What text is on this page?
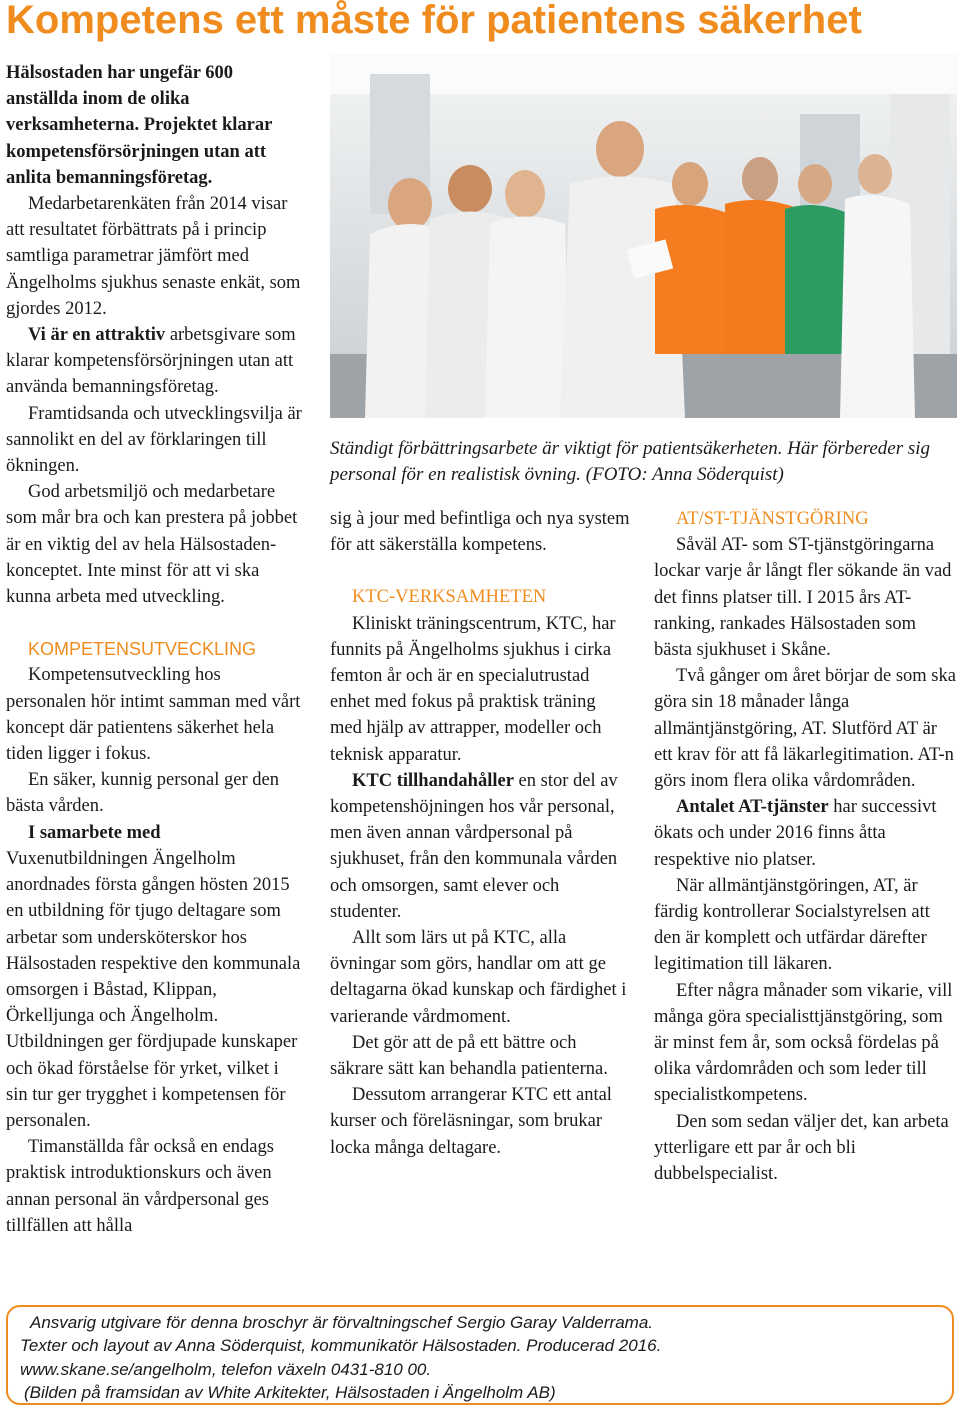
Kompetens ett måste för patientens säkerhet

Hälsostaden har ungefär 600 anställda inom de olika verksamheterna. Projektet klarar kompetensförsörjningen utan att anlita bemanningsföretag.

Medarbetarenkäten från 2014 visar att resultatet förbättrats på i princip samtliga parametrar jämfört med Ängelholms sjukhus senaste enkät, som gjordes 2012.

Vi är en attraktiv arbetsgivare som klarar kompetensförsörjningen utan att använda bemanningsföretag.

Framtidsanda och utvecklingsvilja är sannolikt en del av förklaringen till ökningen.

God arbetsmiljö och medarbetare som mår bra och kan prestera på jobbet är en viktig del av hela Hälsostaden-konceptet. Inte minst för att vi ska kunna arbeta med utveckling.

KOMPETENSUTVECKLING

Kompetensutveckling hos personalen hör intimt samman med vårt koncept där patientens säkerhet hela tiden ligger i fokus.

En säker, kunnig personal ger den bästa vården.

I samarbete med Vuxenutbildningen Ängelholm anordnades första gången hösten 2015 en utbildning för tjugo deltagare som arbetar som undersköterskor hos Hälsostaden respektive den kommunala omsorgen i Båstad, Klippan, Örkelljunga och Ängelholm. Utbildningen ger fördjupade kunskaper och ökad förståelse för yrket, vilket i sin tur ger trygghet i kompetensen för personalen.

Timanställda får också en endags praktisk introduktionskurs och även annan personal än vårdpersonal ges tillfällen att hålla

Ständigt förbättringsarbete är viktigt för patientsäkerheten. Här förbereder sig personal för en realistisk övning. (FOTO: Anna Söderquist)

sig à jour med befintliga och nya system för att säkerställa kompetens.

KTC-VERKSAMHETEN

Kliniskt träningscentrum, KTC, har funnits på Ängelholms sjukhus i cirka femton år och är en specialutrustad enhet med fokus på praktisk träning med hjälp av attrapper, modeller och teknisk apparatur.

KTC tillhandahåller en stor del av kompetenshöjningen hos vår personal, men även annan vårdpersonal på sjukhuset, från den kommunala vården och omsorgen, samt elever och studenter.

Allt som lärs ut på KTC, alla övningar som görs, handlar om att ge deltagarna ökad kunskap och färdighet i varierande vårdmoment.

Det gör att de på ett bättre och säkrare sätt kan behandla patienterna.

Dessutom arrangerar KTC ett antal kurser och föreläsningar, som brukar locka många deltagare.

AT/ST-TJÄNSTGÖRING

Såväl AT- som ST-tjänstgöringarna lockar varje år långt fler sökande än vad det finns platser till. I 2015 års AT-ranking, rankades Hälsostaden som bästa sjukhuset i Skåne.

Två gånger om året börjar de som ska göra sin 18 månader långa allmäntjänstgöring, AT. Slutförd AT är ett krav för att få läkarlegitimation. AT-n görs inom flera olika vårdområden.

Antalet AT-tjänster har successivt ökats och under 2016 finns åtta respektive nio platser.

När allmäntjänstgöringen, AT, är färdig kontrollerar Socialstyrelsen att den är komplett och utfärdar därefter legitimation till läkaren.

Efter några månader som vikarie, vill många göra specialisttjänstgöring, som är minst fem år, som också fördelas på olika vårdområden och som leder till specialistkompetens.

Den som sedan väljer det, kan arbeta ytterligare ett par år och bli dubbelspecialist.

Ansvarig utgivare för denna broschyr är förvaltningschef Sergio Garay Valderrama.

Texter och layout av Anna Söderquist, kommunikatör Hälsostaden. Producerad 2016.

www.skane.se/angelholm, telefon växeln 0431-810 00.

(Bilden på framsidan av White Arkitekter, Hälsostaden i Ängelholm AB)
